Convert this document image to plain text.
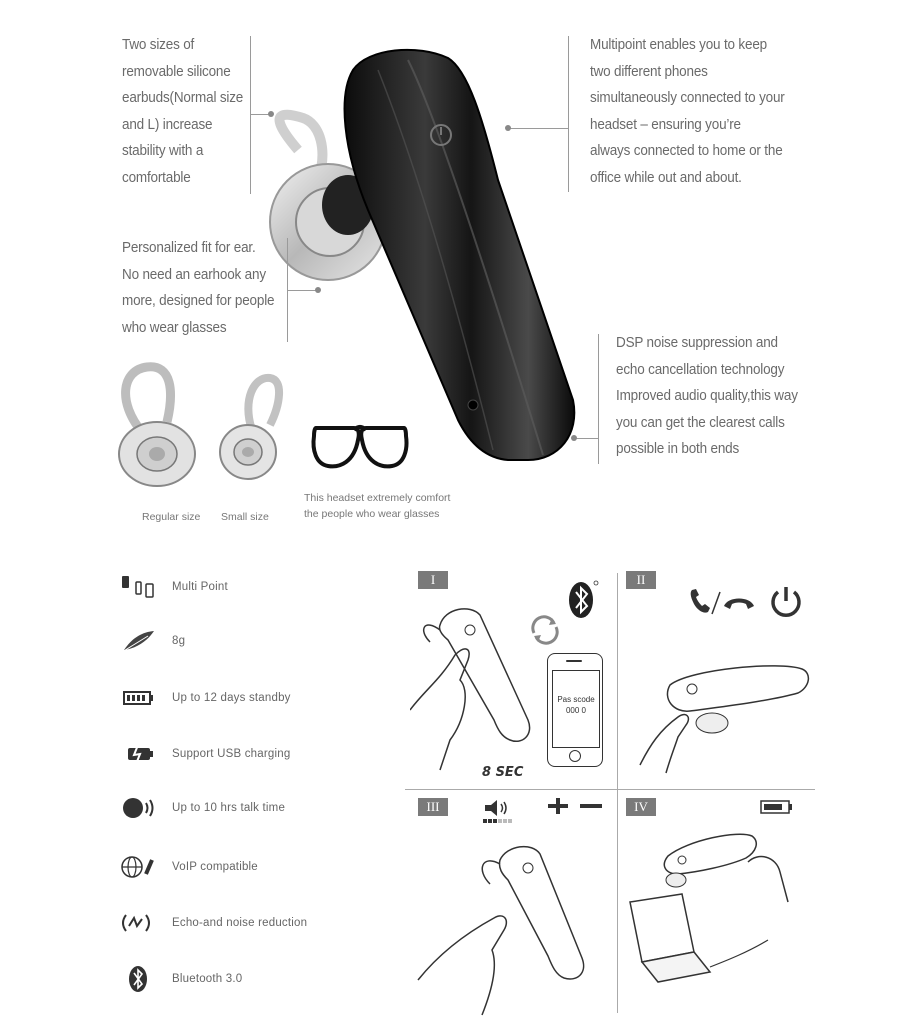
Two sizes of
removable silicone
earbuds(Normal size
and L) increase
stability with a
comfortable
Personalized fit for ear.
No need an earhook any
more, designed for people
who wear glasses
Multipoint enables you to keep
two different phones
simultaneously connected to your
headset – ensuring you’re
always connected to home or the
office while out and about.
DSP noise suppression and
echo cancellation technology
Improved audio quality,this way
you can get the clearest calls
possible in both ends
Regular size Small size
This headset extremely comfort
the people who wear glasses
Multi Point
8g
Up to 12 days standby
Support USB charging
Up to 10 hrs talk time
VoIP compatible
Echo-and noise reduction
Bluetooth 3.0
I
Pas scode
000 0
8 SEC
II
III	IV
